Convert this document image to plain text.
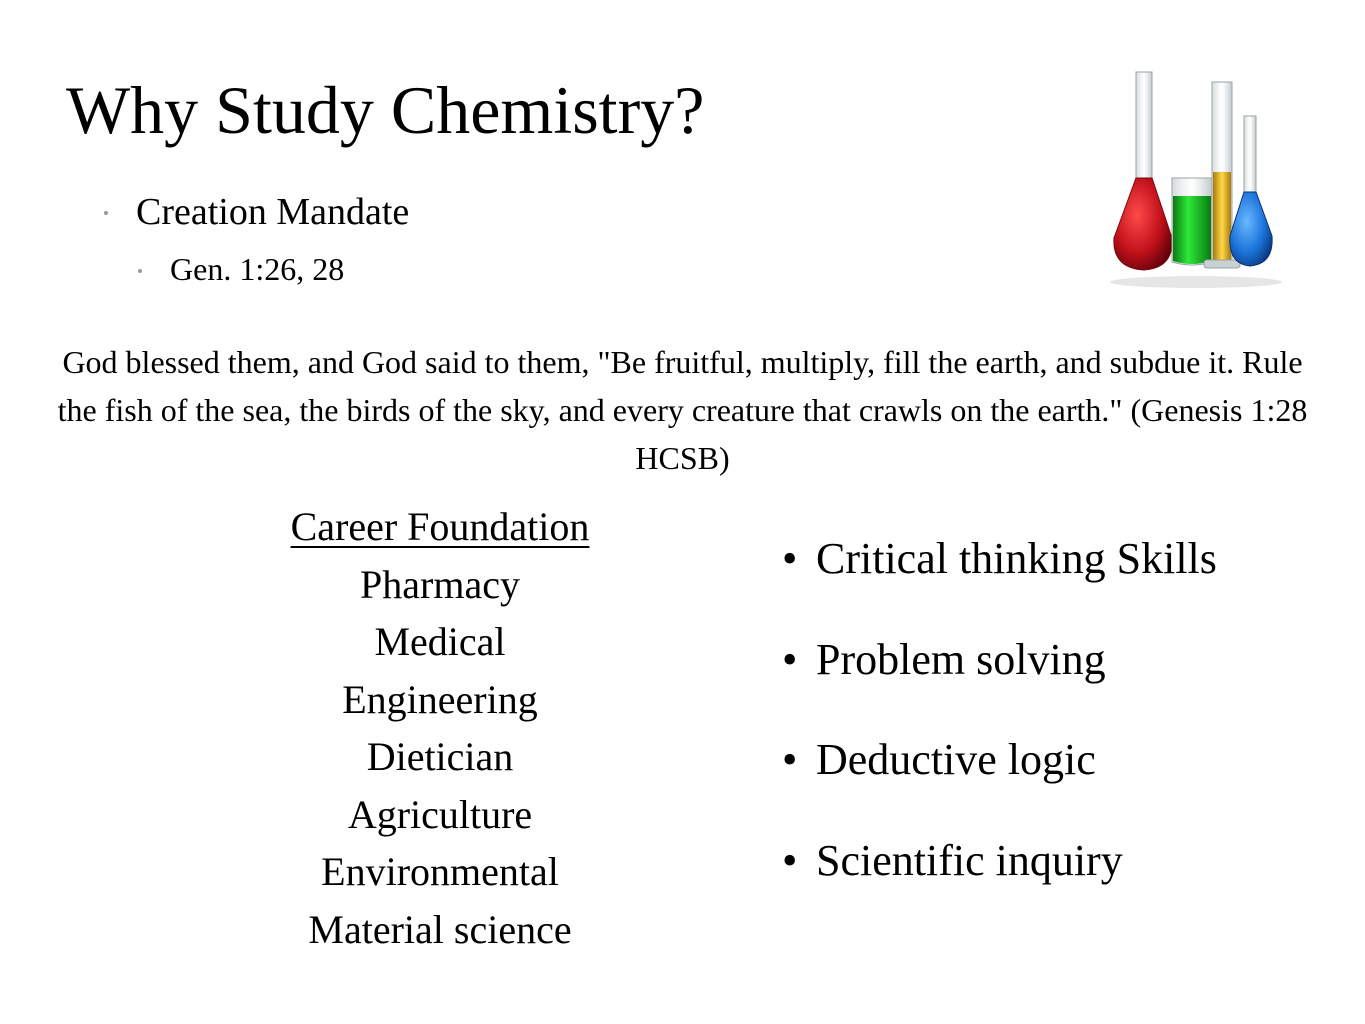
Why Study Chemistry?
Creation Mandate
Gen. 1:26, 28
God blessed them, and God said to them, "Be fruitful, multiply, fill the earth, and subdue it. Rule the fish of the sea, the birds of the sky, and every creature that crawls on the earth." (Genesis 1:28 HCSB)
Career Foundation
Pharmacy
Medical
Engineering
Dietician
Agriculture
Environmental
Material science
• Critical thinking Skills
• Problem solving
• Deductive logic
• Scientific inquiry
